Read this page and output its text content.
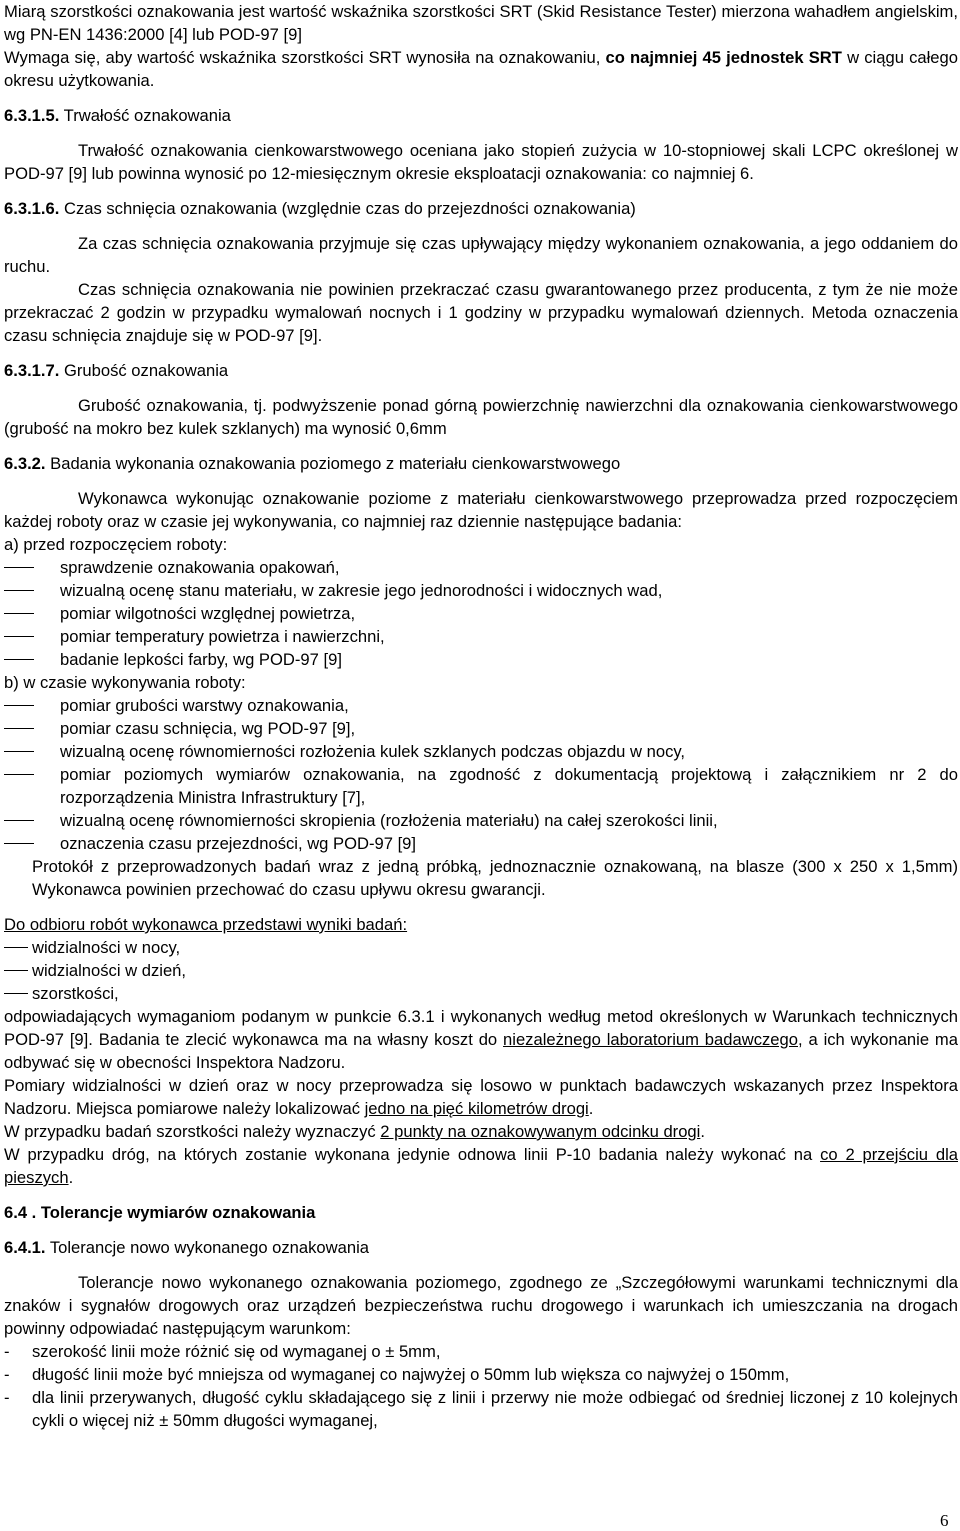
Miarą szorstkości oznakowania jest wartość wskaźnika szorstkości SRT (Skid Resistance Tester) mierzona wahadłem angielskim, wg PN-EN 1436:2000 [4] lub POD-97 [9]

Wymaga się, aby wartość wskaźnika szorstkości SRT wynosiła na oznakowaniu, co najmniej 45 jednostek SRT w ciągu całego okresu użytkowania.

6.3.1.5. Trwałość oznakowania

Trwałość oznakowania cienkowarstwowego oceniana jako stopień zużycia w 10-stopniowej skali LCPC określonej w POD-97 [9] lub powinna wynosić po 12-miesięcznym okresie eksploatacji oznakowania: co najmniej 6.

6.3.1.6. Czas schnięcia oznakowania (względnie czas do przejezdności oznakowania)

Za czas schnięcia oznakowania przyjmuje się czas upływający między wykonaniem oznakowania, a jego oddaniem do ruchu.

Czas schnięcia oznakowania nie powinien przekraczać czasu gwarantowanego przez producenta, z tym że nie może przekraczać 2 godzin w przypadku wymalowań nocnych i 1 godziny w przypadku wymalowań dziennych. Metoda oznaczenia czasu schnięcia znajduje się w POD-97 [9].

6.3.1.7. Grubość oznakowania

Grubość oznakowania, tj. podwyższenie ponad górną powierzchnię nawierzchni dla oznakowania cienkowarstwowego (grubość na mokro bez kulek szklanych) ma wynosić 0,6mm

6.3.2. Badania wykonania oznakowania poziomego z materiału cienkowarstwowego

Wykonawca wykonując oznakowanie poziome z materiału cienkowarstwowego przeprowadza przed rozpoczęciem każdej roboty oraz w czasie jej wykonywania, co najmniej raz dziennie następujące badania:

a) przed rozpoczęciem roboty:

sprawdzenie oznakowania opakowań,

wizualną ocenę stanu materiału, w zakresie jego jednorodności i widocznych wad,

pomiar wilgotności względnej powietrza,

pomiar temperatury powietrza i nawierzchni,

badanie lepkości farby, wg POD-97 [9]

b) w czasie wykonywania roboty:

pomiar grubości warstwy oznakowania,

pomiar czasu schnięcia, wg POD-97 [9],

wizualną ocenę równomierności rozłożenia kulek szklanych podczas objazdu w nocy,

pomiar poziomych wymiarów oznakowania, na zgodność z dokumentacją projektową i załącznikiem nr 2 do rozporządzenia Ministra Infrastruktury [7],

wizualną ocenę równomierności skropienia (rozłożenia materiału) na całej szerokości linii,

oznaczenia czasu przejezdności, wg POD-97 [9]

Protokół z przeprowadzonych badań wraz z jedną próbką, jednoznacznie oznakowaną, na blasze (300 x 250 x 1,5mm) Wykonawca powinien przechować do czasu upływu okresu gwarancji.

Do odbioru robót wykonawca przedstawi wyniki badań:

widzialności w nocy,

widzialności w dzień,

szorstkości,

odpowiadających wymaganiom podanym w punkcie 6.3.1 i wykonanych według metod określonych w Warunkach technicznych POD-97 [9]. Badania te zlecić wykonawca ma na własny koszt do niezależnego laboratorium badawczego, a ich wykonanie ma odbywać się w obecności Inspektora Nadzoru.

Pomiary widzialności w dzień oraz w nocy przeprowadza się losowo w punktach badawczych wskazanych przez Inspektora Nadzoru. Miejsca pomiarowe należy lokalizować jedno na pięć kilometrów drogi.

W przypadku badań szorstkości należy wyznaczyć 2 punkty na oznakowywanym odcinku drogi.

W przypadku dróg, na których zostanie wykonana jedynie odnowa linii P-10 badania należy wykonać na co 2 przejściu dla pieszych.

6.4 . Tolerancje wymiarów oznakowania

6.4.1. Tolerancje nowo wykonanego oznakowania

Tolerancje nowo wykonanego oznakowania poziomego, zgodnego ze „Szczegółowymi warunkami technicznymi dla znaków i sygnałów drogowych oraz urządzeń bezpieczeństwa ruchu drogowego i warunkach ich umieszczania na drogach powinny odpowiadać następującym warunkom:

- szerokość linii może różnić się od wymaganej o ± 5mm,

- długość linii może być mniejsza od wymaganej co najwyżej o 50mm lub większa co najwyżej o 150mm,

- dla linii przerywanych, długość cyklu składającego się z linii i przerwy nie może odbiegać od średniej liczonej z 10 kolejnych cykli o więcej niż ± 50mm długości wymaganej,

6
